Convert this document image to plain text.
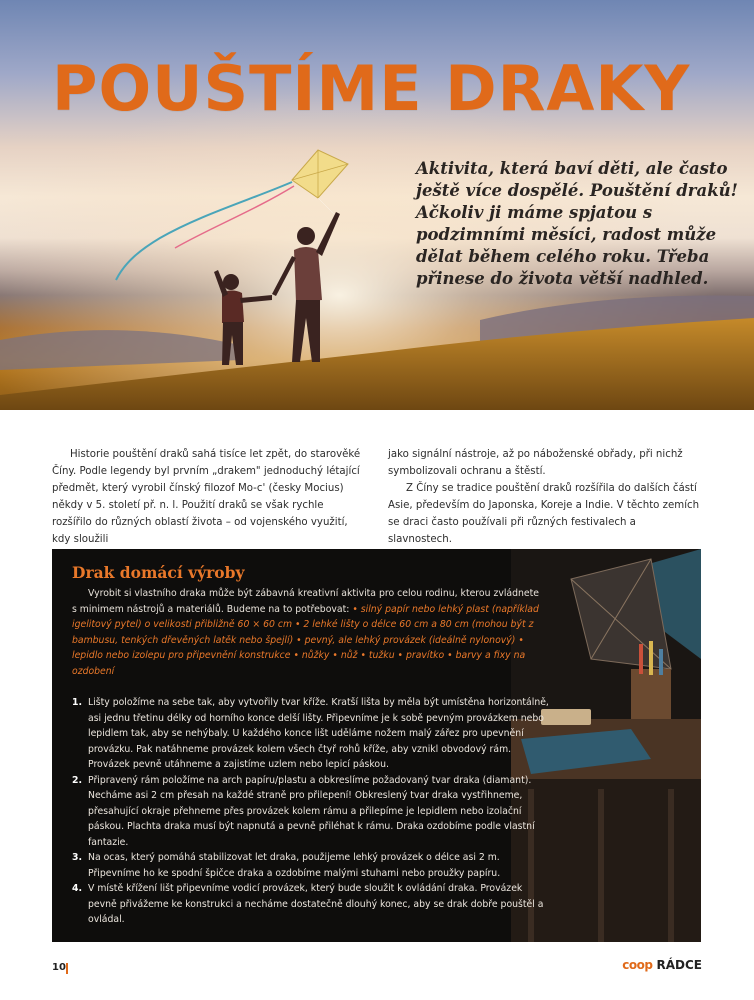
POUŠTÍME DRAKY

Aktivita, která baví děti, ale často ještě více dospělé. Pouštění draků! Ačkoliv ji máme spjatou s podzimními měsíci, radost může dělat během celého roku. Třeba přinese do života větší nadhled.

Historie pouštění draků sahá tisíce let zpět, do starověké Číny. Podle legendy byl prvním „drakem" jednoduchý létající předmět, který vyrobil čínský filozof Mo-c' (česky Mocius) někdy v 5. století př. n. l. Použití draků se však rychle rozšířilo do různých oblastí života – od vojenského využití, kdy sloužili

jako signální nástroje, až po náboženské obřady, při nichž symbolizovali ochranu a štěstí.

Z Číny se tradice pouštění draků rozšířila do dalších částí Asie, především do Japonska, Koreje a Indie. V těchto zemích se draci často používali při různých festivalech a slavnostech.

Drak domácí výroby

Vyrobit si vlastního draka může být zábavná kreativní aktivita pro celou rodinu, kterou zvládnete s minimem nástrojů a materiálů. Budeme na to potřebovat: • silný papír nebo lehký plast (například igelitový pytel) o velikosti přibližně 60 × 60 cm • 2 lehké lišty o délce 60 cm a 80 cm (mohou být z bambusu, tenkých dřevěných latěk nebo špejlí) • pevný, ale lehký provázek (ideálně nylonový) • lepidlo nebo izolepu pro připevnění konstrukce • nůžky • nůž • tužku • pravítko • barvy a fixy na ozdobení

1. Lišty položíme na sebe tak, aby vytvořily tvar kříže. Kratší lišta by měla být umístěna horizontálně, asi jednu třetinu délky od horního konce delší lišty. Připevníme je k sobě pevným provázkem nebo lepidlem tak, aby se nehýbaly. U každého konce lišt uděláme nožem malý zářez pro upevnění provázku. Pak natáhneme provázek kolem všech čtyř rohů kříže, aby vznikl obvodový rám. Provázek pevně utáhneme a zajistíme uzlem nebo lepicí páskou.
2. Připravený rám položíme na arch papíru/plastu a obkreslíme požadovaný tvar draka (diamant). Necháme asi 2 cm přesah na každé straně pro přilepení! Obkreslený tvar draka vystřihneme, přesahující okraje přehneme přes provázek kolem rámu a přilepíme je lepidlem nebo izolační páskou. Plachta draka musí být napnutá a pevně přiléhat k rámu. Draka ozdobíme podle vlastní fantazie.
3. Na ocas, který pomáhá stabilizovat let draka, použijeme lehký provázek o délce asi 2 m. Připevníme ho ke spodní špičce draka a ozdobíme malými stuhami nebo proužky papíru.
4. V místě křížení lišt připevníme vodicí provázek, který bude sloužit k ovládání draka. Provázek pevně přivážeme ke konstrukci a necháme dostatečně dlouhý konec, aby se drak dobře pouštěl a ovládal.
10	coop RÁDCE
